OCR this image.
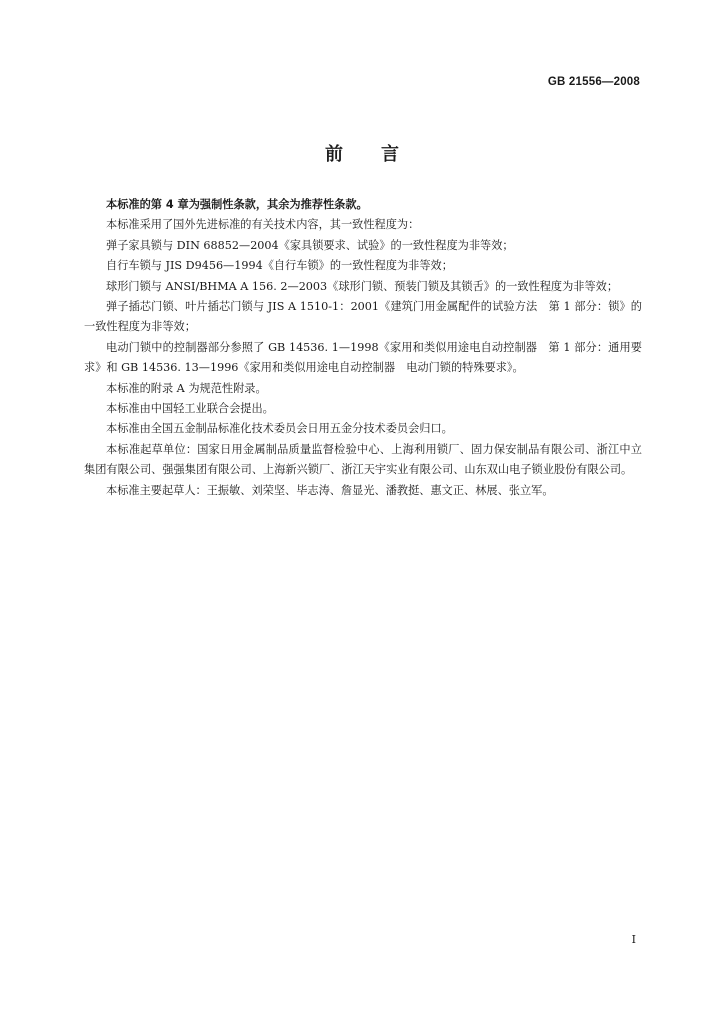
GB 21556—2008
前言

本标准的第 4 章为强制性条款，其余为推荐性条款。

本标准采用了国外先进标准的有关技术内容，其一致性程度为：

弹子家具锁与 DIN 68852—2004《家具锁要求、试验》的一致性程度为非等效；

自行车锁与 JIS D9456—1994《自行车锁》的一致性程度为非等效；

球形门锁与 ANSI/BHMA A 156. 2—2003《球形门锁、预装门锁及其锁舌》的一致性程度为非等效；

弹子插芯门锁、叶片插芯门锁与 JIS A 1510-1：2001《建筑门用金属配件的试验方法　第 1 部分：锁》的一致性程度为非等效；

电动门锁中的控制器部分参照了 GB 14536. 1—1998《家用和类似用途电自动控制器　第 1 部分：通用要求》和 GB 14536. 13—1996《家用和类似用途电自动控制器　电动门锁的特殊要求》。

本标准的附录 A 为规范性附录。

本标准由中国轻工业联合会提出。

本标准由全国五金制品标准化技术委员会日用五金分技术委员会归口。

本标准起草单位：国家日用金属制品质量监督检验中心、上海利用锁厂、固力保安制品有限公司、浙江中立集团有限公司、强强集团有限公司、上海新兴锁厂、浙江天宇实业有限公司、山东双山电子锁业股份有限公司。

本标准主要起草人：王振敏、刘荣坚、毕志涛、詹显光、潘教挺、惠文正、林展、张立军。

I
